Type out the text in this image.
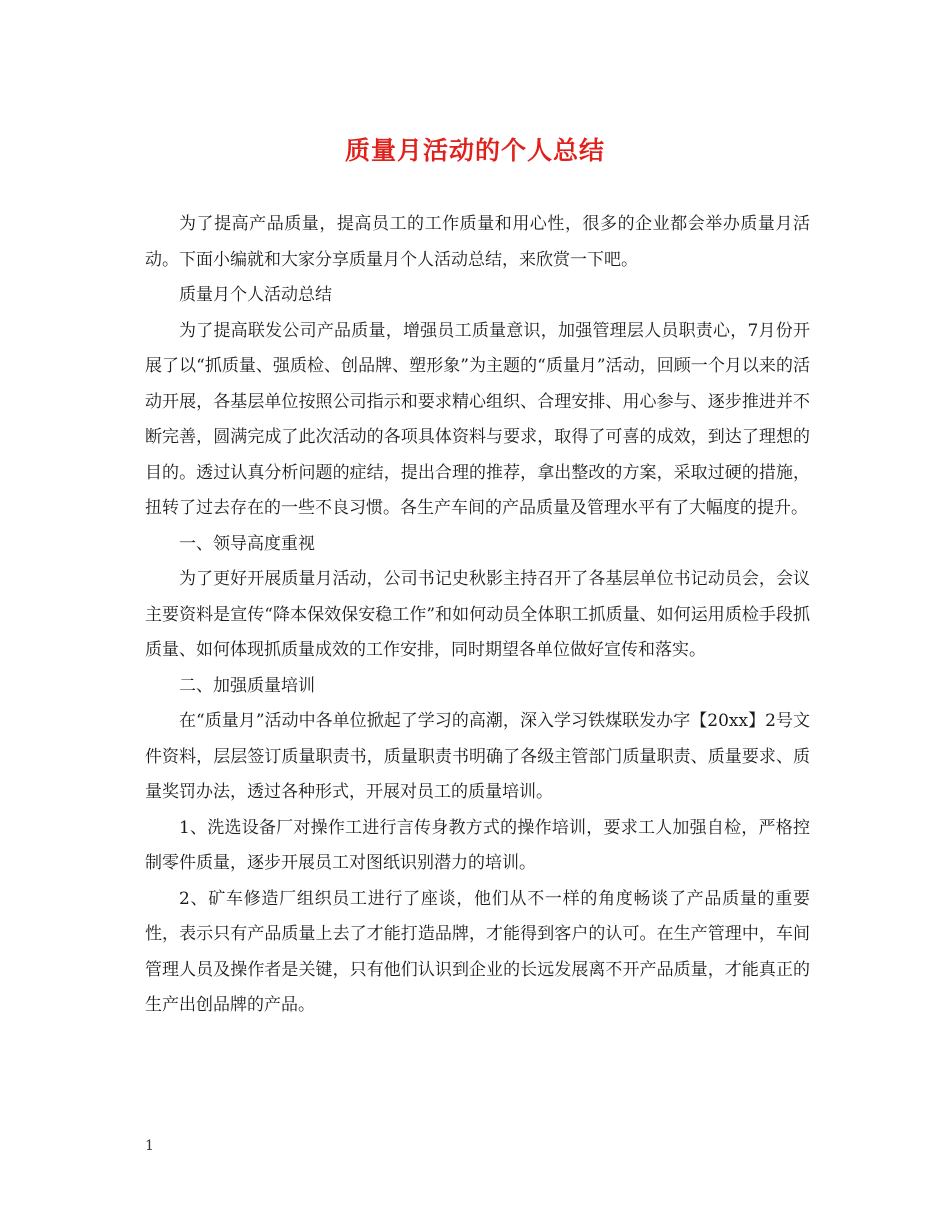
质量月活动的个人总结

为了提高产品质量，提高员工的工作质量和用心性，很多的企业都会举办质量月活动。下面小编就和大家分享质量月个人活动总结，来欣赏一下吧。

质量月个人活动总结

为了提高联发公司产品质量，增强员工质量意识，加强管理层人员职责心，7月份开展了以“抓质量、强质检、创品牌、塑形象”为主题的“质量月”活动，回顾一个月以来的活动开展，各基层单位按照公司指示和要求精心组织、合理安排、用心参与、逐步推进并不断完善，圆满完成了此次活动的各项具体资料与要求，取得了可喜的成效，到达了理想的目的。透过认真分析问题的症结，提出合理的推荐，拿出整改的方案，采取过硬的措施，扭转了过去存在的一些不良习惯。各生产车间的产品质量及管理水平有了大幅度的提升。

一、领导高度重视

为了更好开展质量月活动，公司书记史秋影主持召开了各基层单位书记动员会，会议主要资料是宣传“降本保效保安稳工作”和如何动员全体职工抓质量、如何运用质检手段抓质量、如何体现抓质量成效的工作安排，同时期望各单位做好宣传和落实。

二、加强质量培训

在“质量月”活动中各单位掀起了学习的高潮，深入学习铁煤联发办字【20xx】2号文件资料，层层签订质量职责书，质量职责书明确了各级主管部门质量职责、质量要求、质量奖罚办法，透过各种形式，开展对员工的质量培训。

1、洗选设备厂对操作工进行言传身教方式的操作培训，要求工人加强自检，严格控制零件质量，逐步开展员工对图纸识别潜力的培训。

2、矿车修造厂组织员工进行了座谈，他们从不一样的角度畅谈了产品质量的重要性，表示只有产品质量上去了才能打造品牌，才能得到客户的认可。在生产管理中，车间管理人员及操作者是关键，只有他们认识到企业的长远发展离不开产品质量，才能真正的生产出创品牌的产品。

1
